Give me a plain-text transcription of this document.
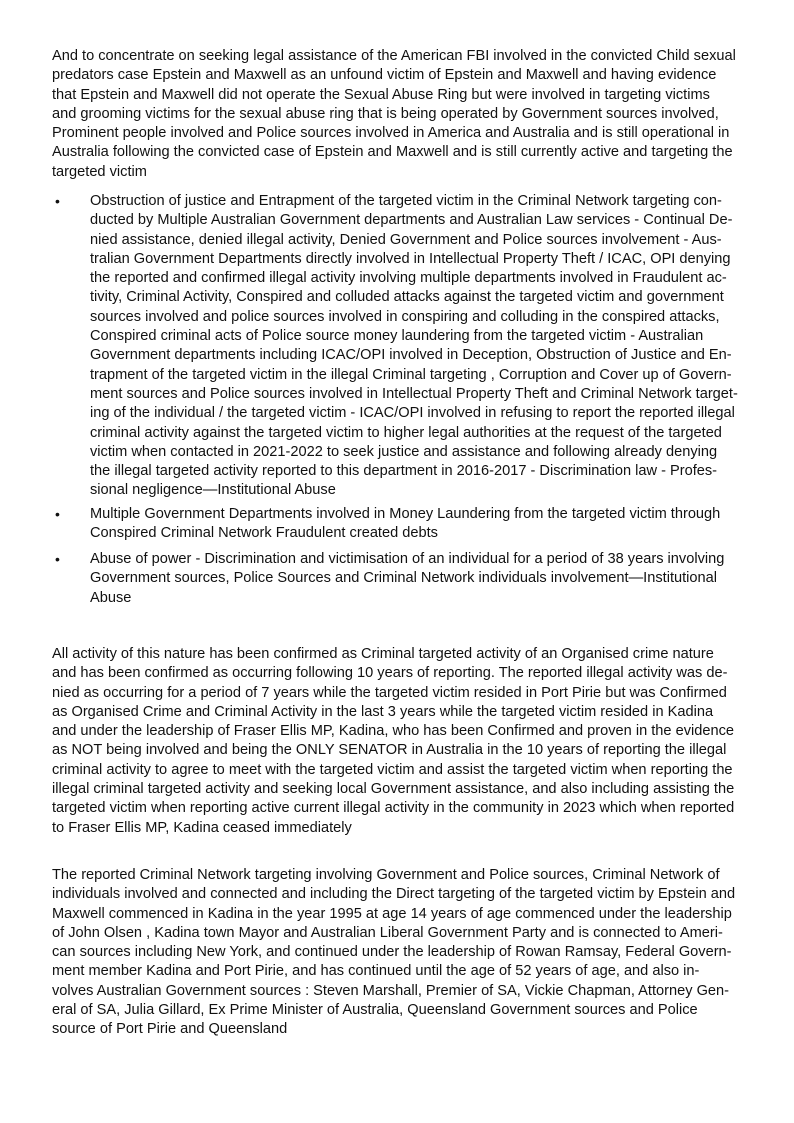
And to concentrate on seeking legal assistance of the American FBI involved in the convicted Child sexual
predators case Epstein and Maxwell as an unfound victim of Epstein and Maxwell and having evidence
that Epstein and Maxwell did not operate the Sexual Abuse Ring but were involved in targeting victims
and grooming victims for the sexual abuse ring that is being operated by Government sources involved,
Prominent people involved and Police sources involved in America and Australia and is still operational in
Australia following the convicted case of Epstein and Maxwell and is still currently active and targeting the
targeted victim
• Obstruction of justice and Entrapment of the targeted victim in the Criminal Network targeting con-
ducted by Multiple Australian Government departments and Australian Law services - Continual De-
nied assistance, denied illegal activity, Denied Government and Police sources involvement - Aus-
tralian Government Departments directly involved in Intellectual Property Theft / ICAC, OPI denying
the reported and confirmed illegal activity involving multiple departments involved in Fraudulent ac-
tivity, Criminal Activity, Conspired and colluded attacks against the targeted victim and government
sources involved and police sources involved in conspiring and colluding in the conspired attacks,
Conspired criminal acts of Police source money laundering from the targeted victim - Australian
Government departments including ICAC/OPI involved in Deception, Obstruction of Justice and En-
trapment of the targeted victim in the illegal Criminal targeting , Corruption and Cover up of Govern-
ment sources and Police sources involved in Intellectual Property Theft and Criminal Network target-
ing of the individual / the targeted victim - ICAC/OPI involved in refusing to report the reported illegal
criminal activity against the targeted victim to higher legal authorities at the request of the targeted
victim when contacted in 2021-2022 to seek justice and assistance and following already denying
the illegal targeted activity reported to this department in 2016-2017 - Discrimination law - Profes-
sional negligence—Institutional Abuse
• Multiple Government Departments involved in Money Laundering from the targeted victim through
Conspired Criminal Network Fraudulent created debts
• Abuse of power - Discrimination and victimisation of an individual for a period of 38 years involving
Government sources, Police Sources and Criminal Network individuals involvement—Institutional
Abuse
All activity of this nature has been confirmed as Criminal targeted activity of an Organised crime nature
and has been confirmed as occurring following 10 years of reporting. The reported illegal activity was de-
nied as occurring for a period of 7 years while the targeted victim resided in Port Pirie but was Confirmed
as Organised Crime and Criminal Activity in the last 3 years while the targeted victim resided in Kadina
and under the leadership of Fraser Ellis MP, Kadina, who has been Confirmed and proven in the evidence
as NOT being involved and being the ONLY SENATOR in Australia in the 10 years of reporting the illegal
criminal activity to agree to meet with the targeted victim and assist the targeted victim when reporting the
illegal criminal targeted activity and seeking local Government assistance, and also including assisting the
targeted victim when reporting active current illegal activity in the community in 2023 which when reported
to Fraser Ellis MP, Kadina ceased immediately
The reported Criminal Network targeting involving Government and Police sources, Criminal Network of
individuals involved and connected and including the Direct targeting of the targeted victim by Epstein and
Maxwell commenced in Kadina in the year 1995 at age 14 years of age commenced under the leadership
of John Olsen , Kadina town Mayor and Australian Liberal Government Party and is connected to Ameri-
can sources including New York, and continued under the leadership of Rowan Ramsay, Federal Govern-
ment member Kadina and Port Pirie, and has continued until the age of 52 years of age, and also in-
volves Australian Government sources : Steven Marshall, Premier of SA, Vickie Chapman, Attorney Gen-
eral of SA, Julia Gillard, Ex Prime Minister of Australia, Queensland Government sources and Police
source of Port Pirie and Queensland
